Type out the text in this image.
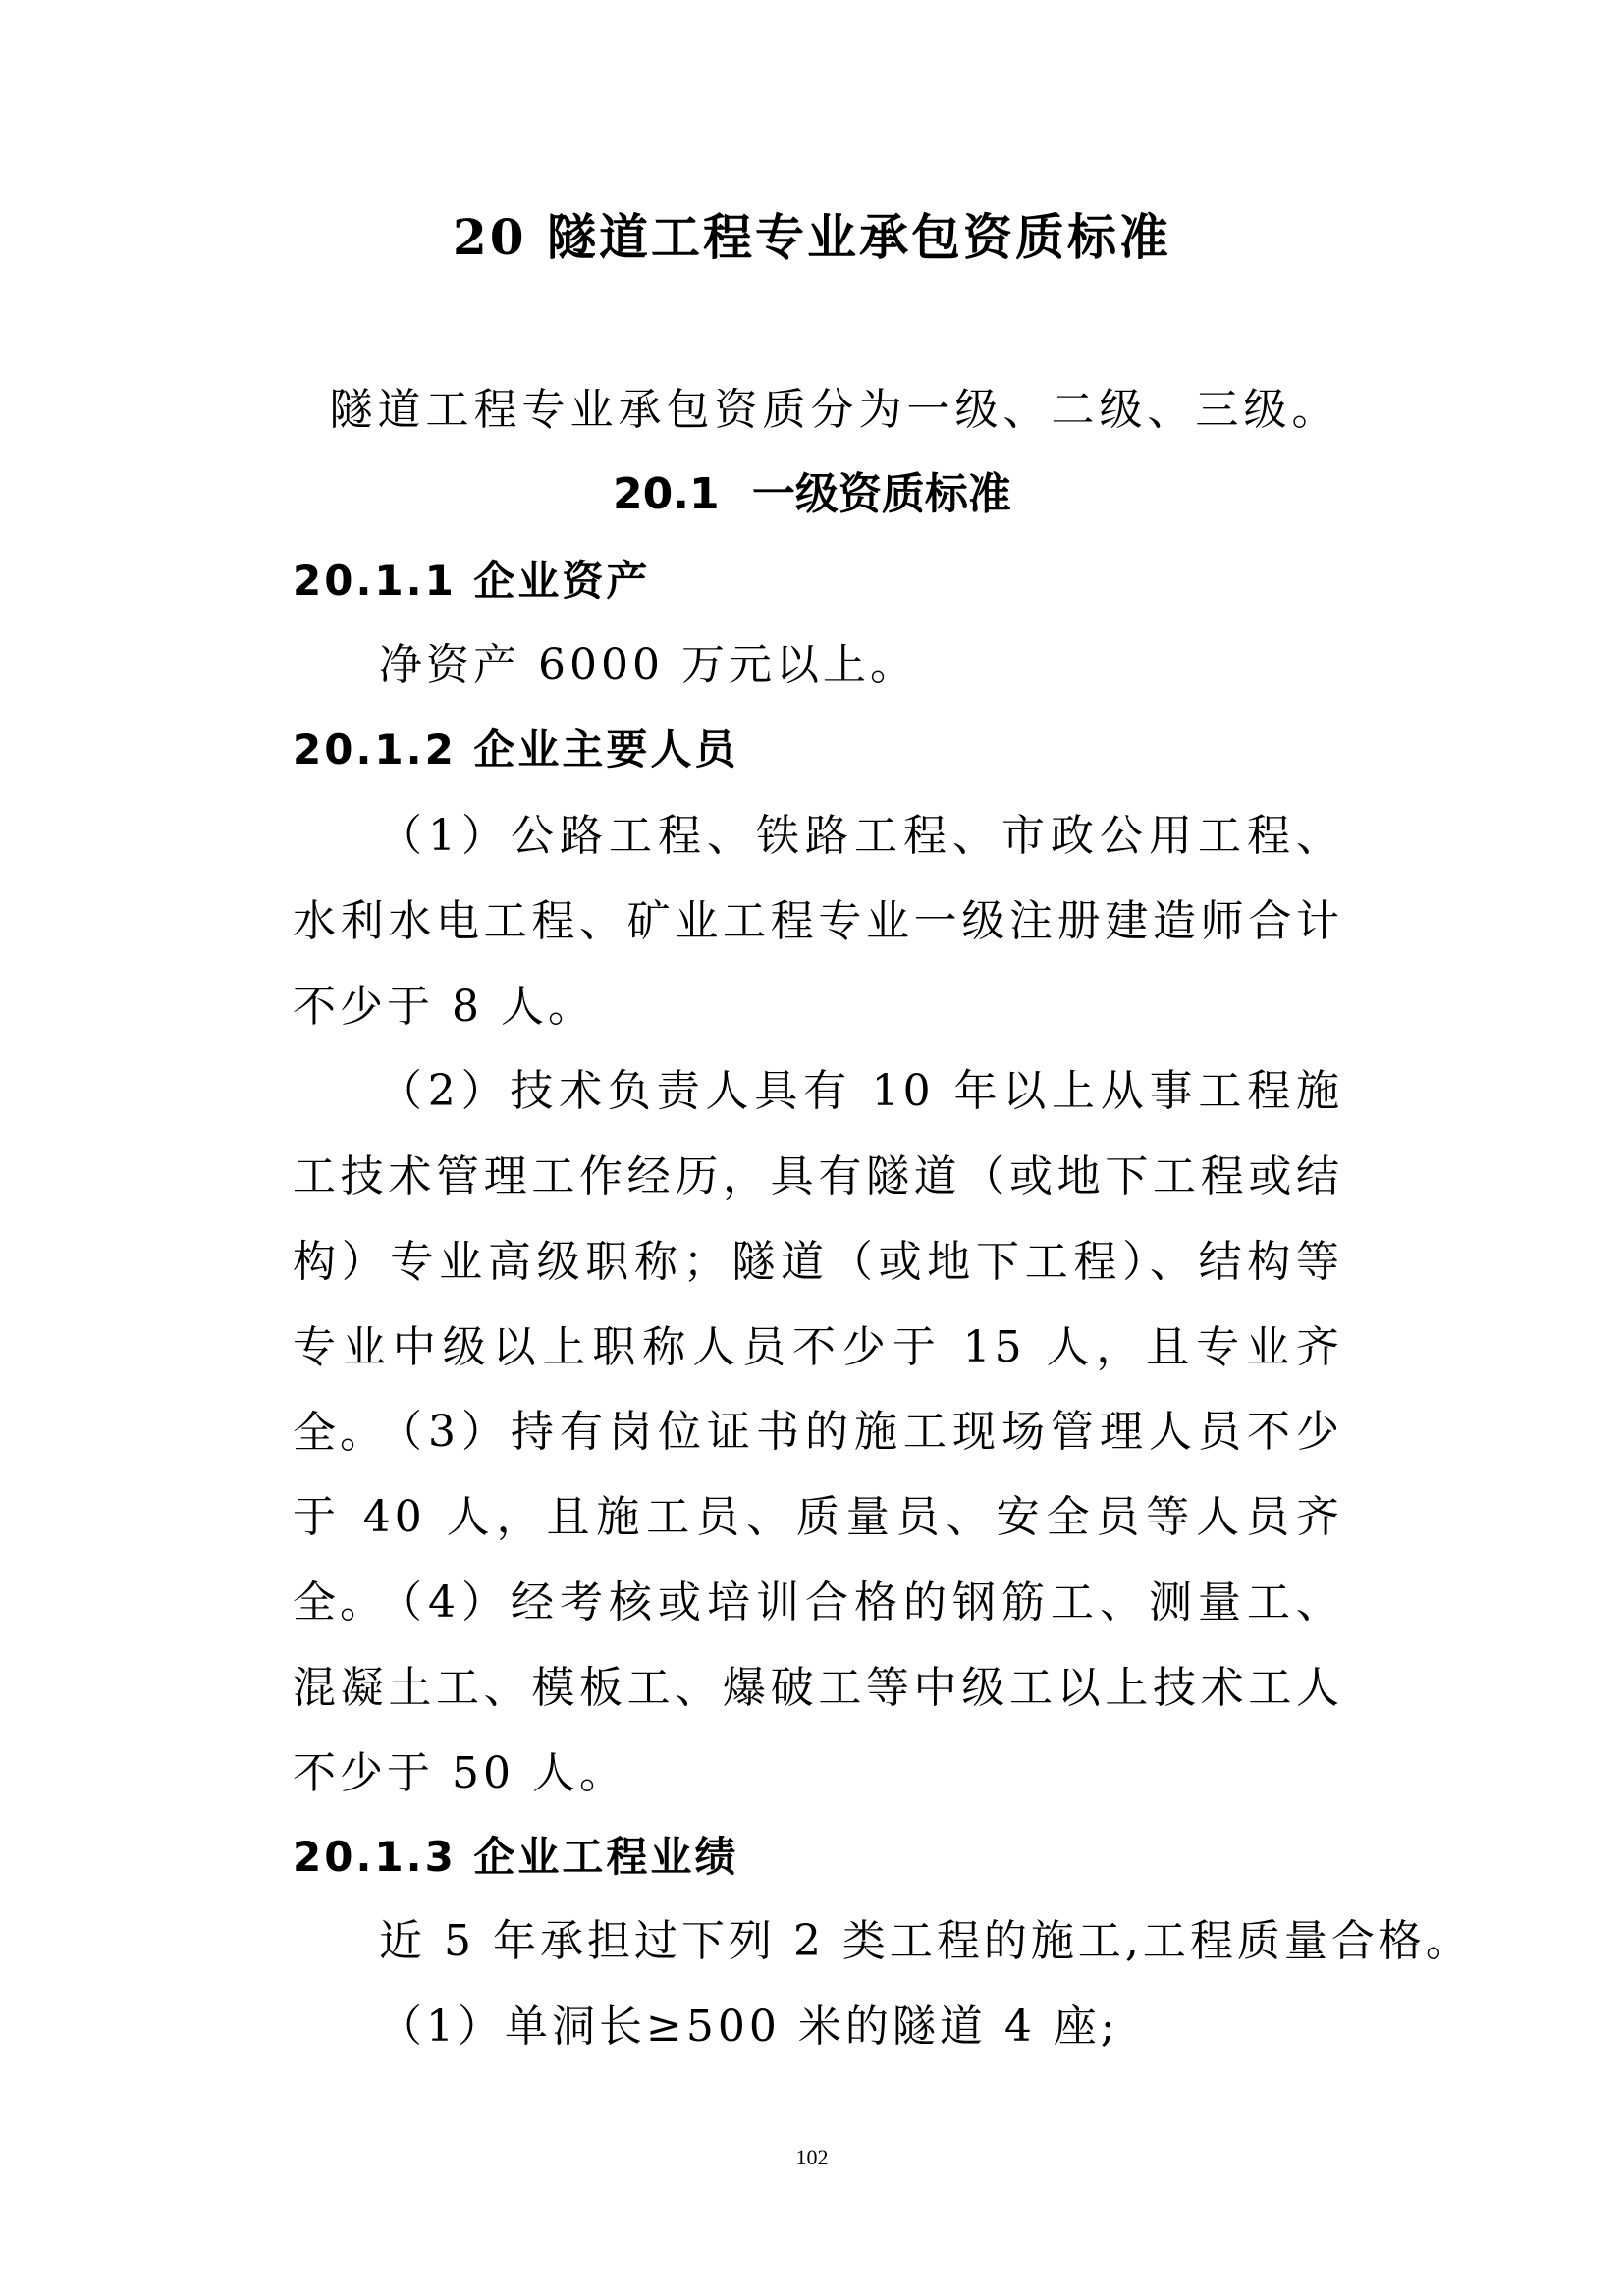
20 隧道工程专业承包资质标准

隧道工程专业承包资质分为一级、二级、三级。

20.1 一级资质标准
20.1.1 企业资产

净资产 6000 万元以上。

20.1.2 企业主要人员

（1）公路工程、铁路工程、市政公用工程、水利水电工程、矿业工程专业一级注册建造师合计不少于 8 人。

（2）技术负责人具有 10 年以上从事工程施工技术管理工作经历，具有隧道（或地下工程或结构）专业高级职称；隧道（或地下工程）、结构等专业中级以上职称人员不少于 15 人，且专业齐全。

（3）持有岗位证书的施工现场管理人员不少于 40 人，且施工员、质量员、安全员等人员齐全。

（4）经考核或培训合格的钢筋工、测量工、混凝土工、模板工、爆破工等中级工以上技术工人不少于 50 人。

20.1.3 企业工程业绩

近 5 年承担过下列 2 类工程的施工,工程质量合格。

（1）单洞长≥500 米的隧道 4 座;

102
